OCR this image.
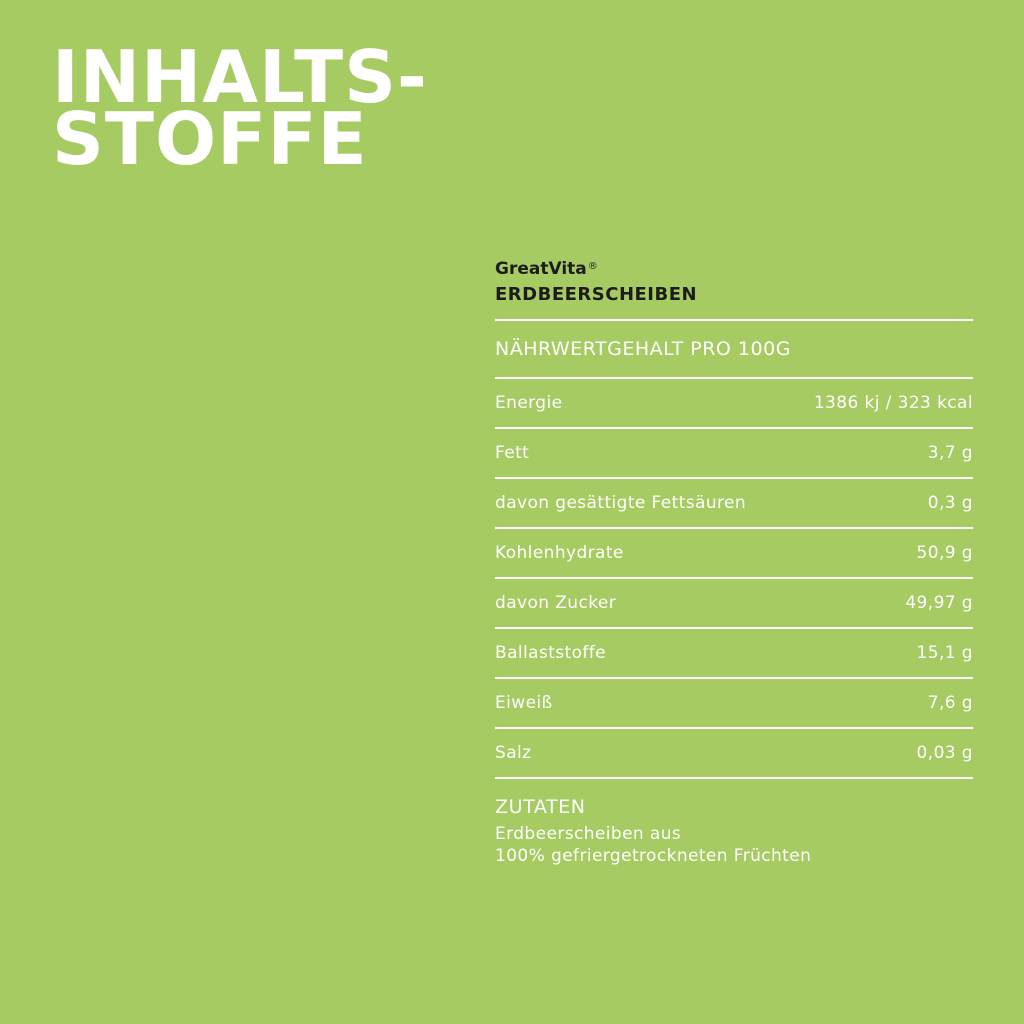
INHALTS-
STOFFE
GreatVita®
ERDBEERSCHEIBEN
NÄHRWERTGEHALT PRO 100G
Energie	1386 kj / 323 kcal
Fett	3,7 g
davon gesättigte Fettsäuren	0,3 g
Kohlenhydrate	50,9 g
davon Zucker	49,97 g
Ballaststoffe	15,1 g
Eiweiß	7,6 g
Salz	0,03 g
ZUTATEN
Erdbeerscheiben aus
100% gefriergetrockneten Früchten
